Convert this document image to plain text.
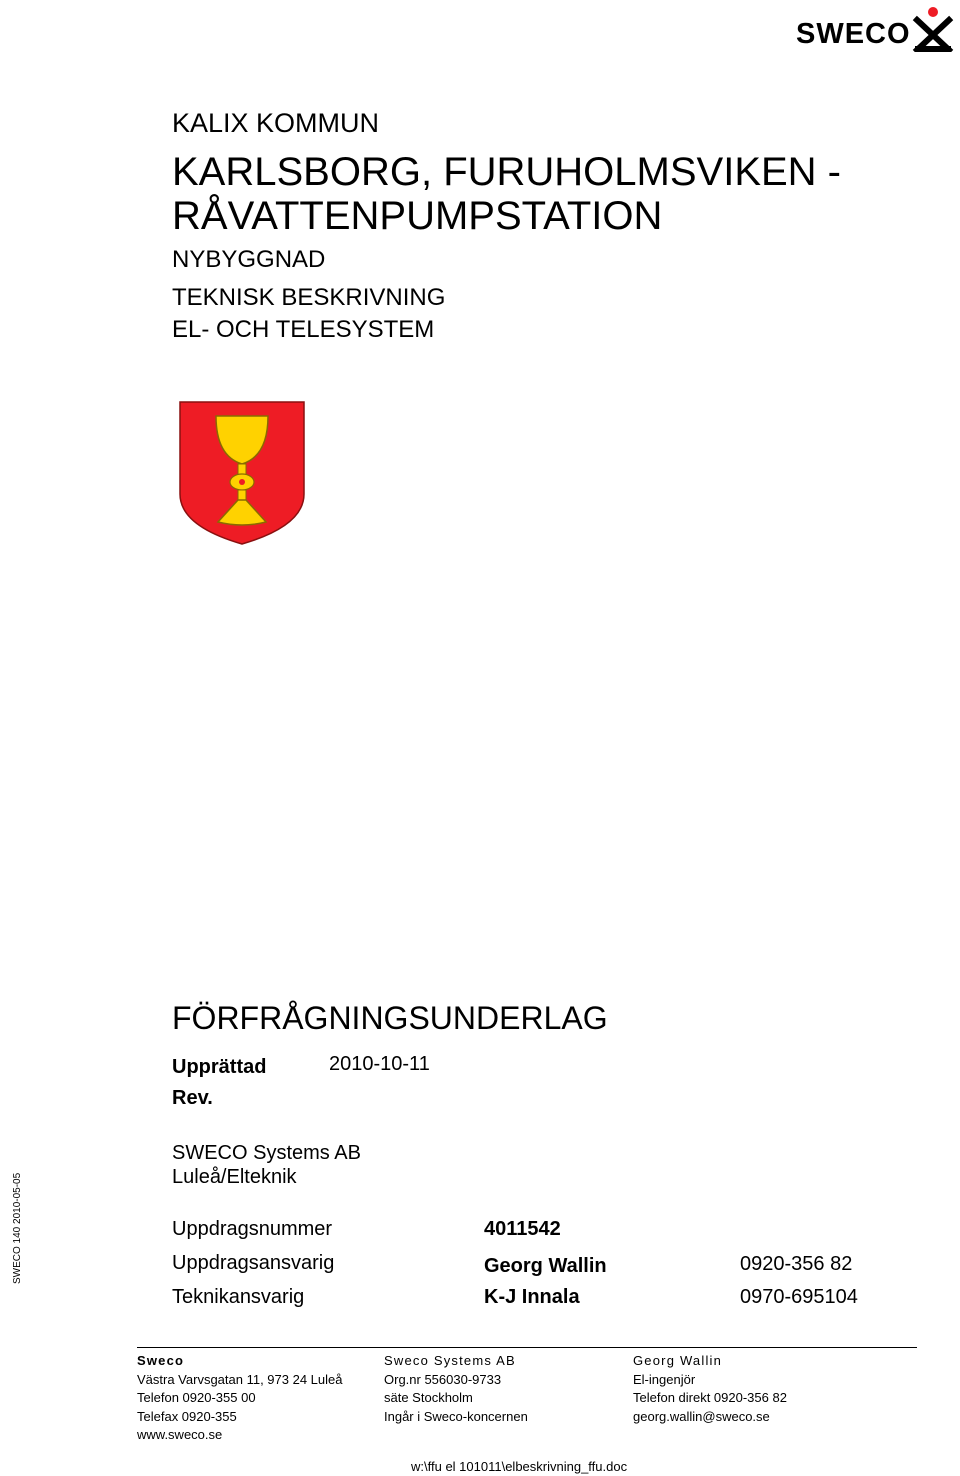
SWECO
KALIX KOMMUN
KARLSBORG, FURUHOLMSVIKEN -
RÅVATTENPUMPSTATION
NYBYGGNAD
TEKNISK BESKRIVNING
EL- OCH TELESYSTEM
FÖRFRÅGNINGSUNDERLAG
Upprättad	2010-10-11
Rev.
SWECO Systems AB
Luleå/Elteknik
Uppdragsnummer	4011542
Uppdragsansvarig	Georg Wallin	0920-356 82
Teknikansvarig	K-J Innala	0970-695104
SWECO 140 2010-05-05
Sweco
Västra Varvsgatan 11, 973 24 Luleå
Telefon 0920-355 00
Telefax 0920-355
www.sweco.se
Sweco Systems AB
Org.nr 556030-9733
säte Stockholm
Ingår i Sweco-koncernen
Georg Wallin
El-ingenjör
Telefon direkt 0920-356 82
georg.wallin@sweco.se
w:\ffu el 101011\elbeskrivning_ffu.doc
